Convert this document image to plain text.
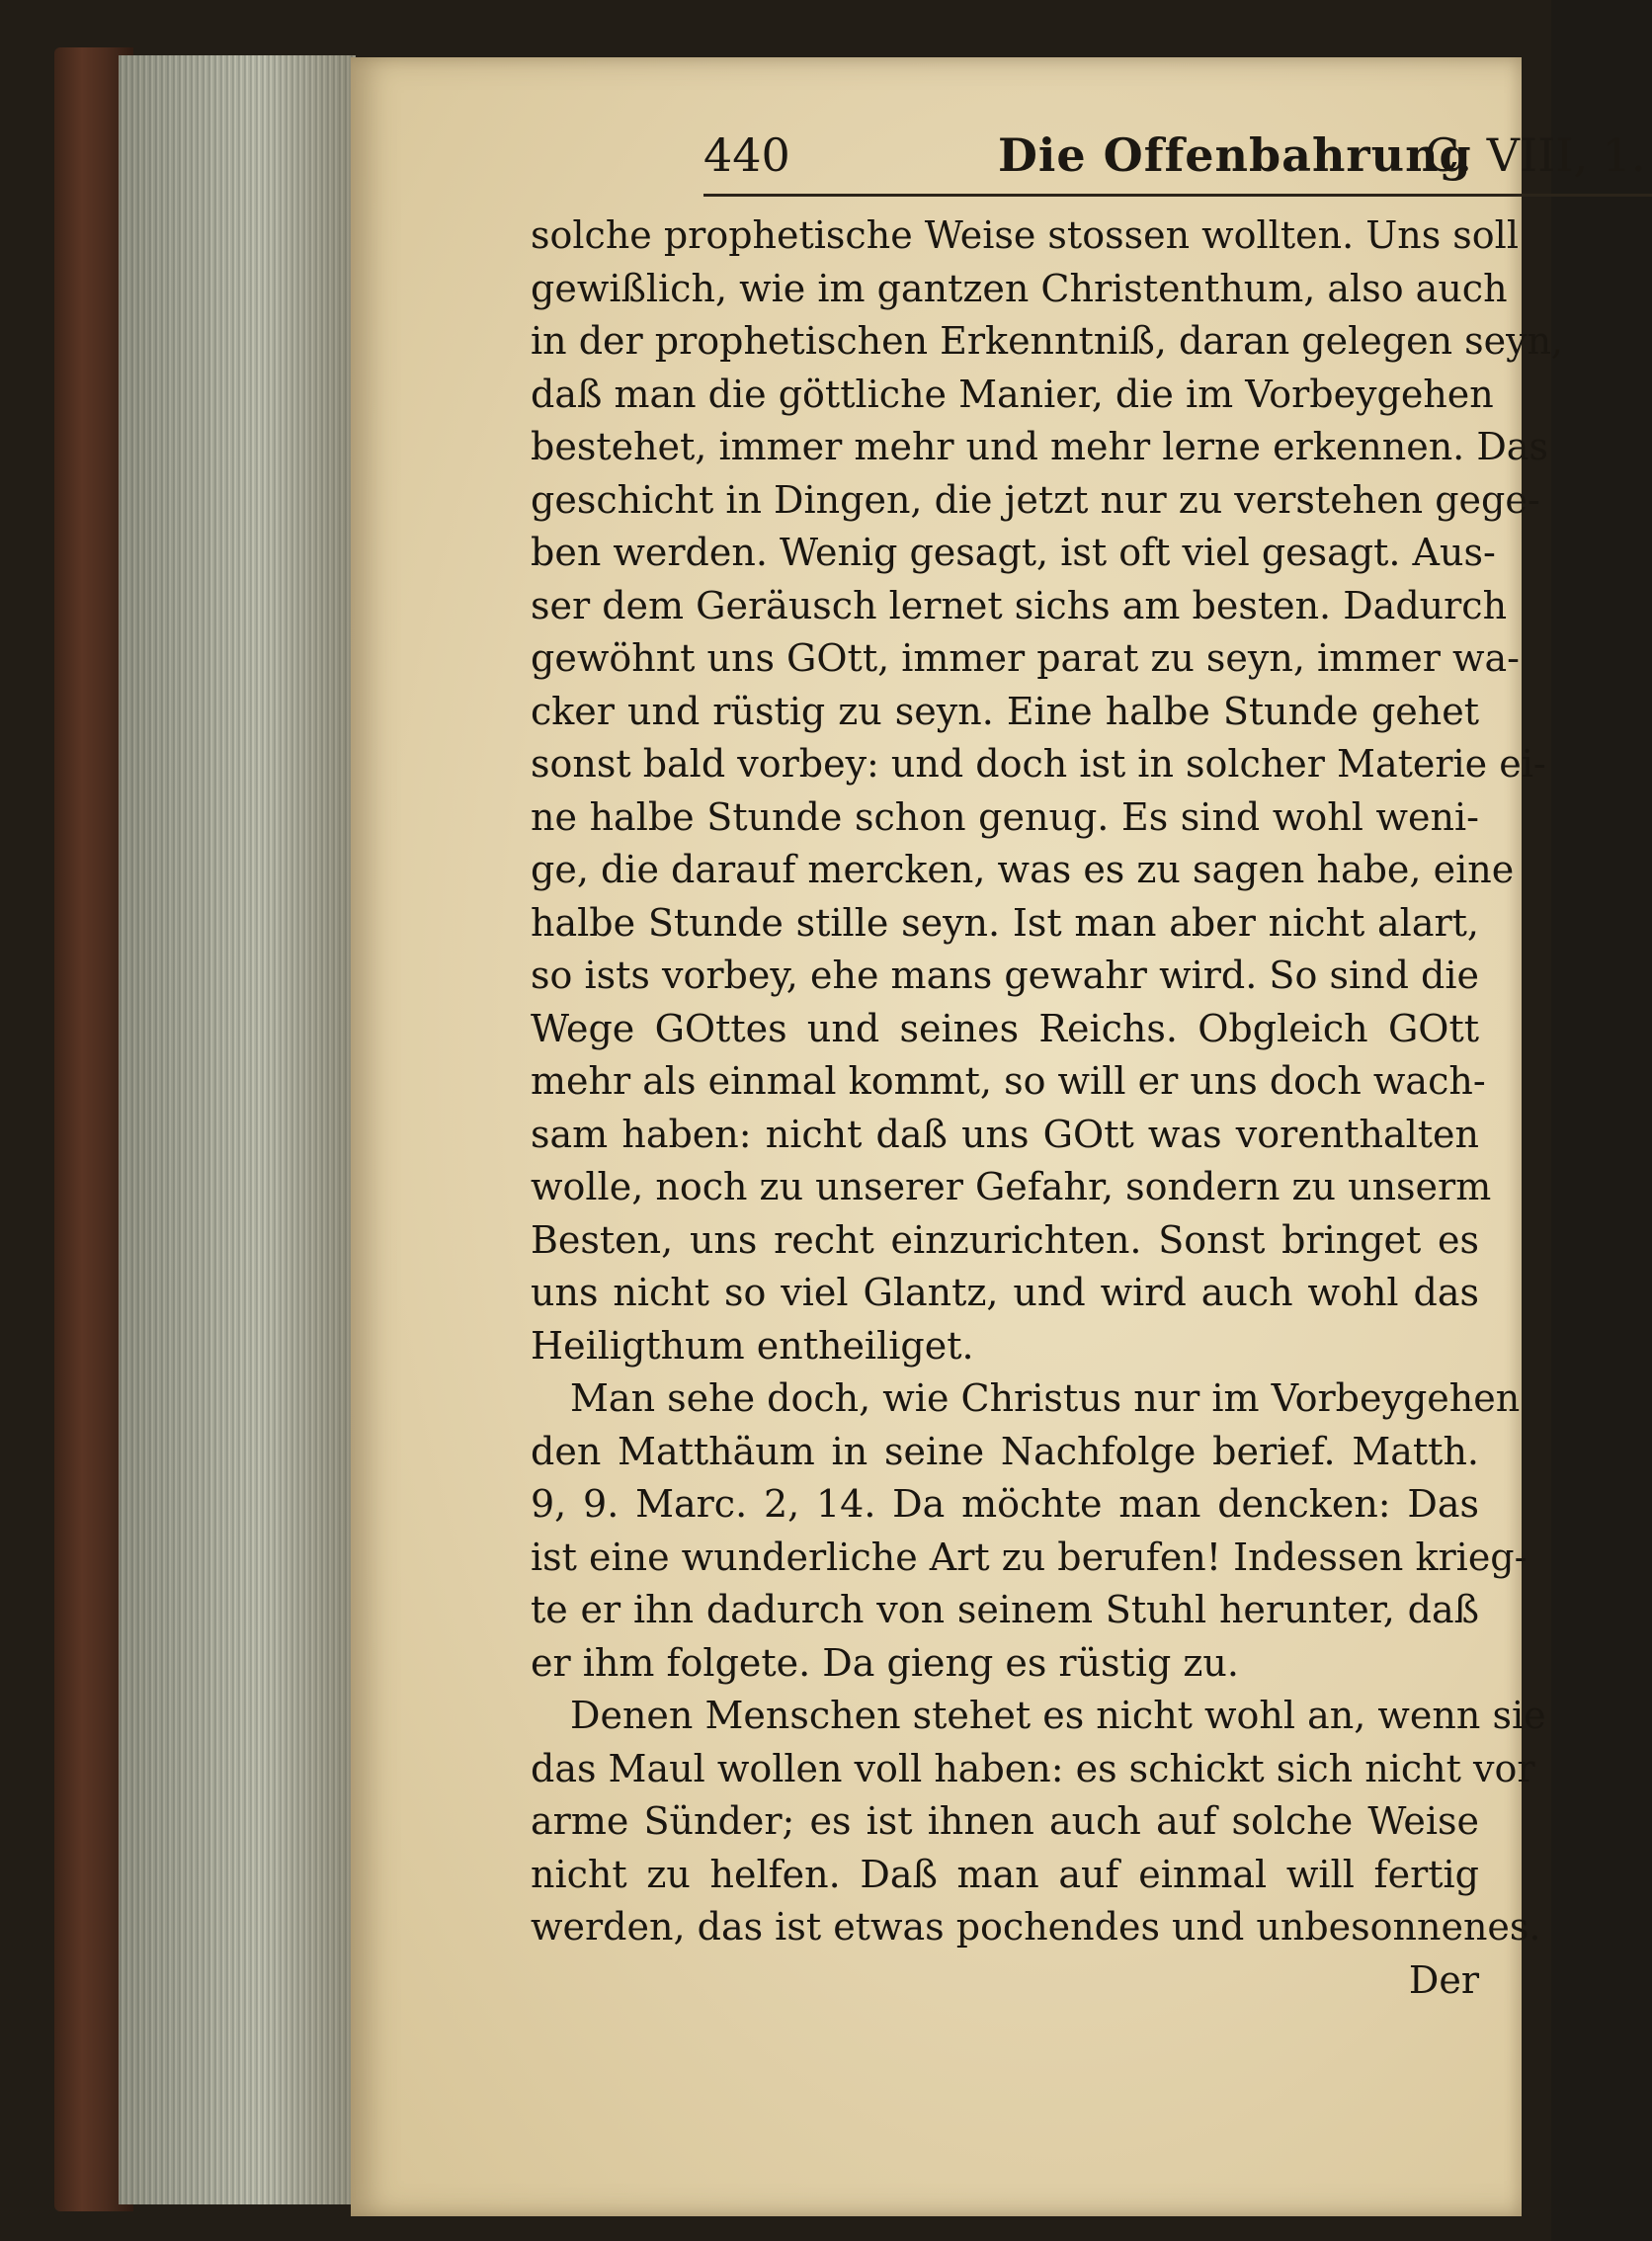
440	Die Offenbahrung
C. VIII, 1.
solche prophetische Weise stossen wollten. Uns soll
gewißlich, wie im gantzen Christenthum, also auch
in der prophetischen Erkenntniß, daran gelegen seyn,
daß man die göttliche Manier, die im Vorbeygehen
bestehet, immer mehr und mehr lerne erkennen. Das
geschicht in Dingen, die jetzt nur zu verstehen gege-
ben werden. Wenig gesagt, ist oft viel gesagt. Aus-
ser dem Geräusch lernet sichs am besten. Dadurch
gewöhnt uns GOtt, immer parat zu seyn, immer wa-
cker und rüstig zu seyn. Eine halbe Stunde gehet
sonst bald vorbey: und doch ist in solcher Materie ei-
ne halbe Stunde schon genug. Es sind wohl weni-
ge, die darauf mercken, was es zu sagen habe, eine
halbe Stunde stille seyn. Ist man aber nicht alart,
so ists vorbey, ehe mans gewahr wird. So sind die
Wege GOttes und seines Reichs. Obgleich GOtt
mehr als einmal kommt, so will er uns doch wach-
sam haben: nicht daß uns GOtt was vorenthalten
wolle, noch zu unserer Gefahr, sondern zu unserm
Besten, uns recht einzurichten. Sonst bringet es
uns nicht so viel Glantz, und wird auch wohl das
Heiligthum entheiliget.
Man sehe doch, wie Christus nur im Vorbeygehen
den Matthäum in seine Nachfolge berief. Matth.
9, 9. Marc. 2, 14. Da möchte man dencken: Das
ist eine wunderliche Art zu berufen! Indessen krieg-
te er ihn dadurch von seinem Stuhl herunter, daß
er ihm folgete. Da gieng es rüstig zu.
Denen Menschen stehet es nicht wohl an, wenn sie
das Maul wollen voll haben: es schickt sich nicht vor
arme Sünder; es ist ihnen auch auf solche Weise
nicht zu helfen. Daß man auf einmal will fertig
werden, das ist etwas pochendes und unbesonnenes.
Der
